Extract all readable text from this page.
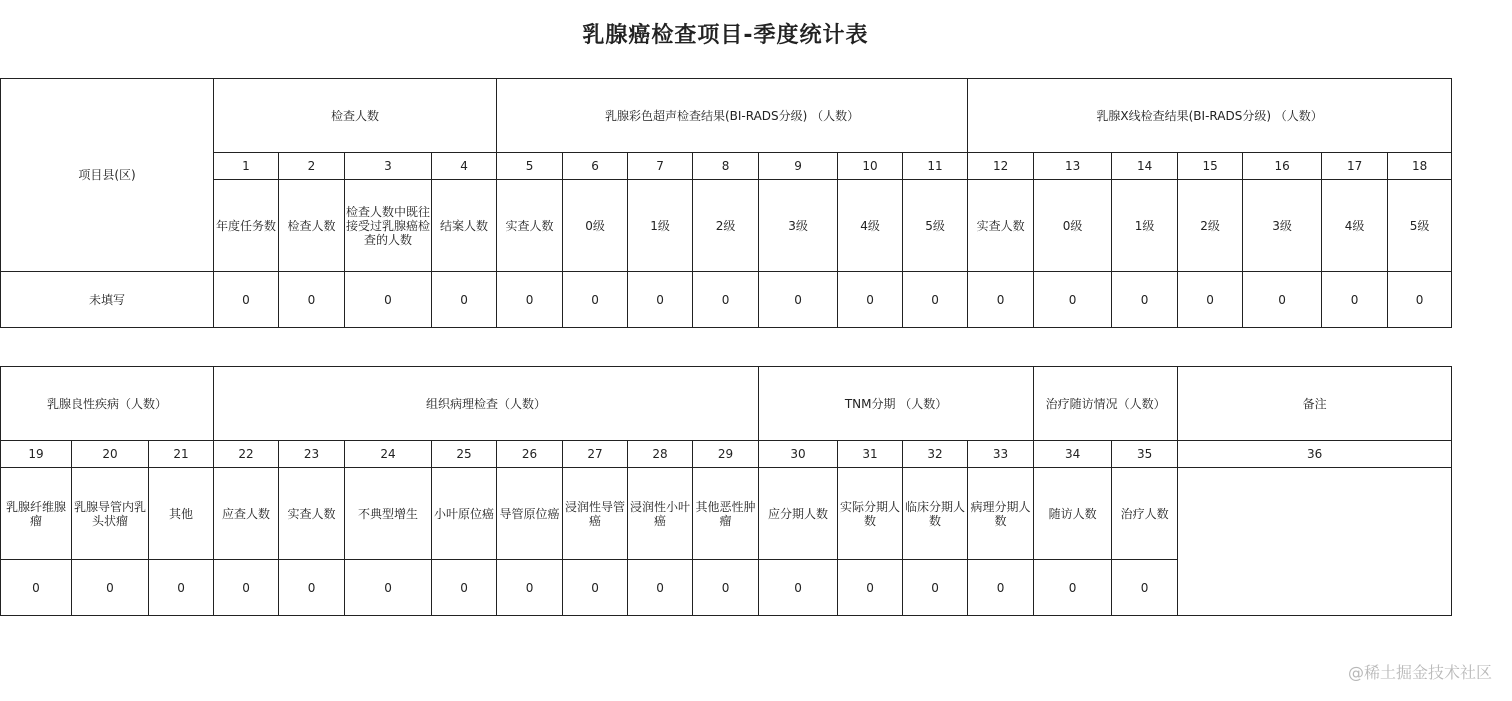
乳腺癌检查项目-季度统计表
项目县(区)	检查人数				乳腺彩色超声检查结果(BI-RADS分级) （人数）							乳腺X线检查结果(BI-RADS分级) （人数）						
	1	2	3	4	5	6	7	8	9	10	11	12	13	14	15	16	17	18
	年度任务数	检查人数	检查人数中既往接受过乳腺癌检查的人数	结案人数	实查人数	0级	1级	2级	3级	4级	5级	实查人数	0级	1级	2级	3级	4级	5级
未填写	0	0	0	0	0	0	0	0	0	0	0	0	0	0	0	0	0	0
乳腺良性疾病（人数）			组织病理检查（人数）								TNM分期 （人数）				治疗随访情况（人数）		备注
19	20	21	22	23	24	25	26	27	28	29	30	31	32	33	34	35	36
乳腺纤维腺瘤	乳腺导管内乳头状瘤	其他	应查人数	实查人数	不典型增生	小叶原位癌	导管原位癌	浸润性导管癌	浸润性小叶癌	其他恶性肿瘤	应分期人数	实际分期人数	临床分期人数	病理分期人数	随访人数	治疗人数	
0	0	0	0	0	0	0	0	0	0	0	0	0	0	0	0	0	
@稀土掘金技术社区
